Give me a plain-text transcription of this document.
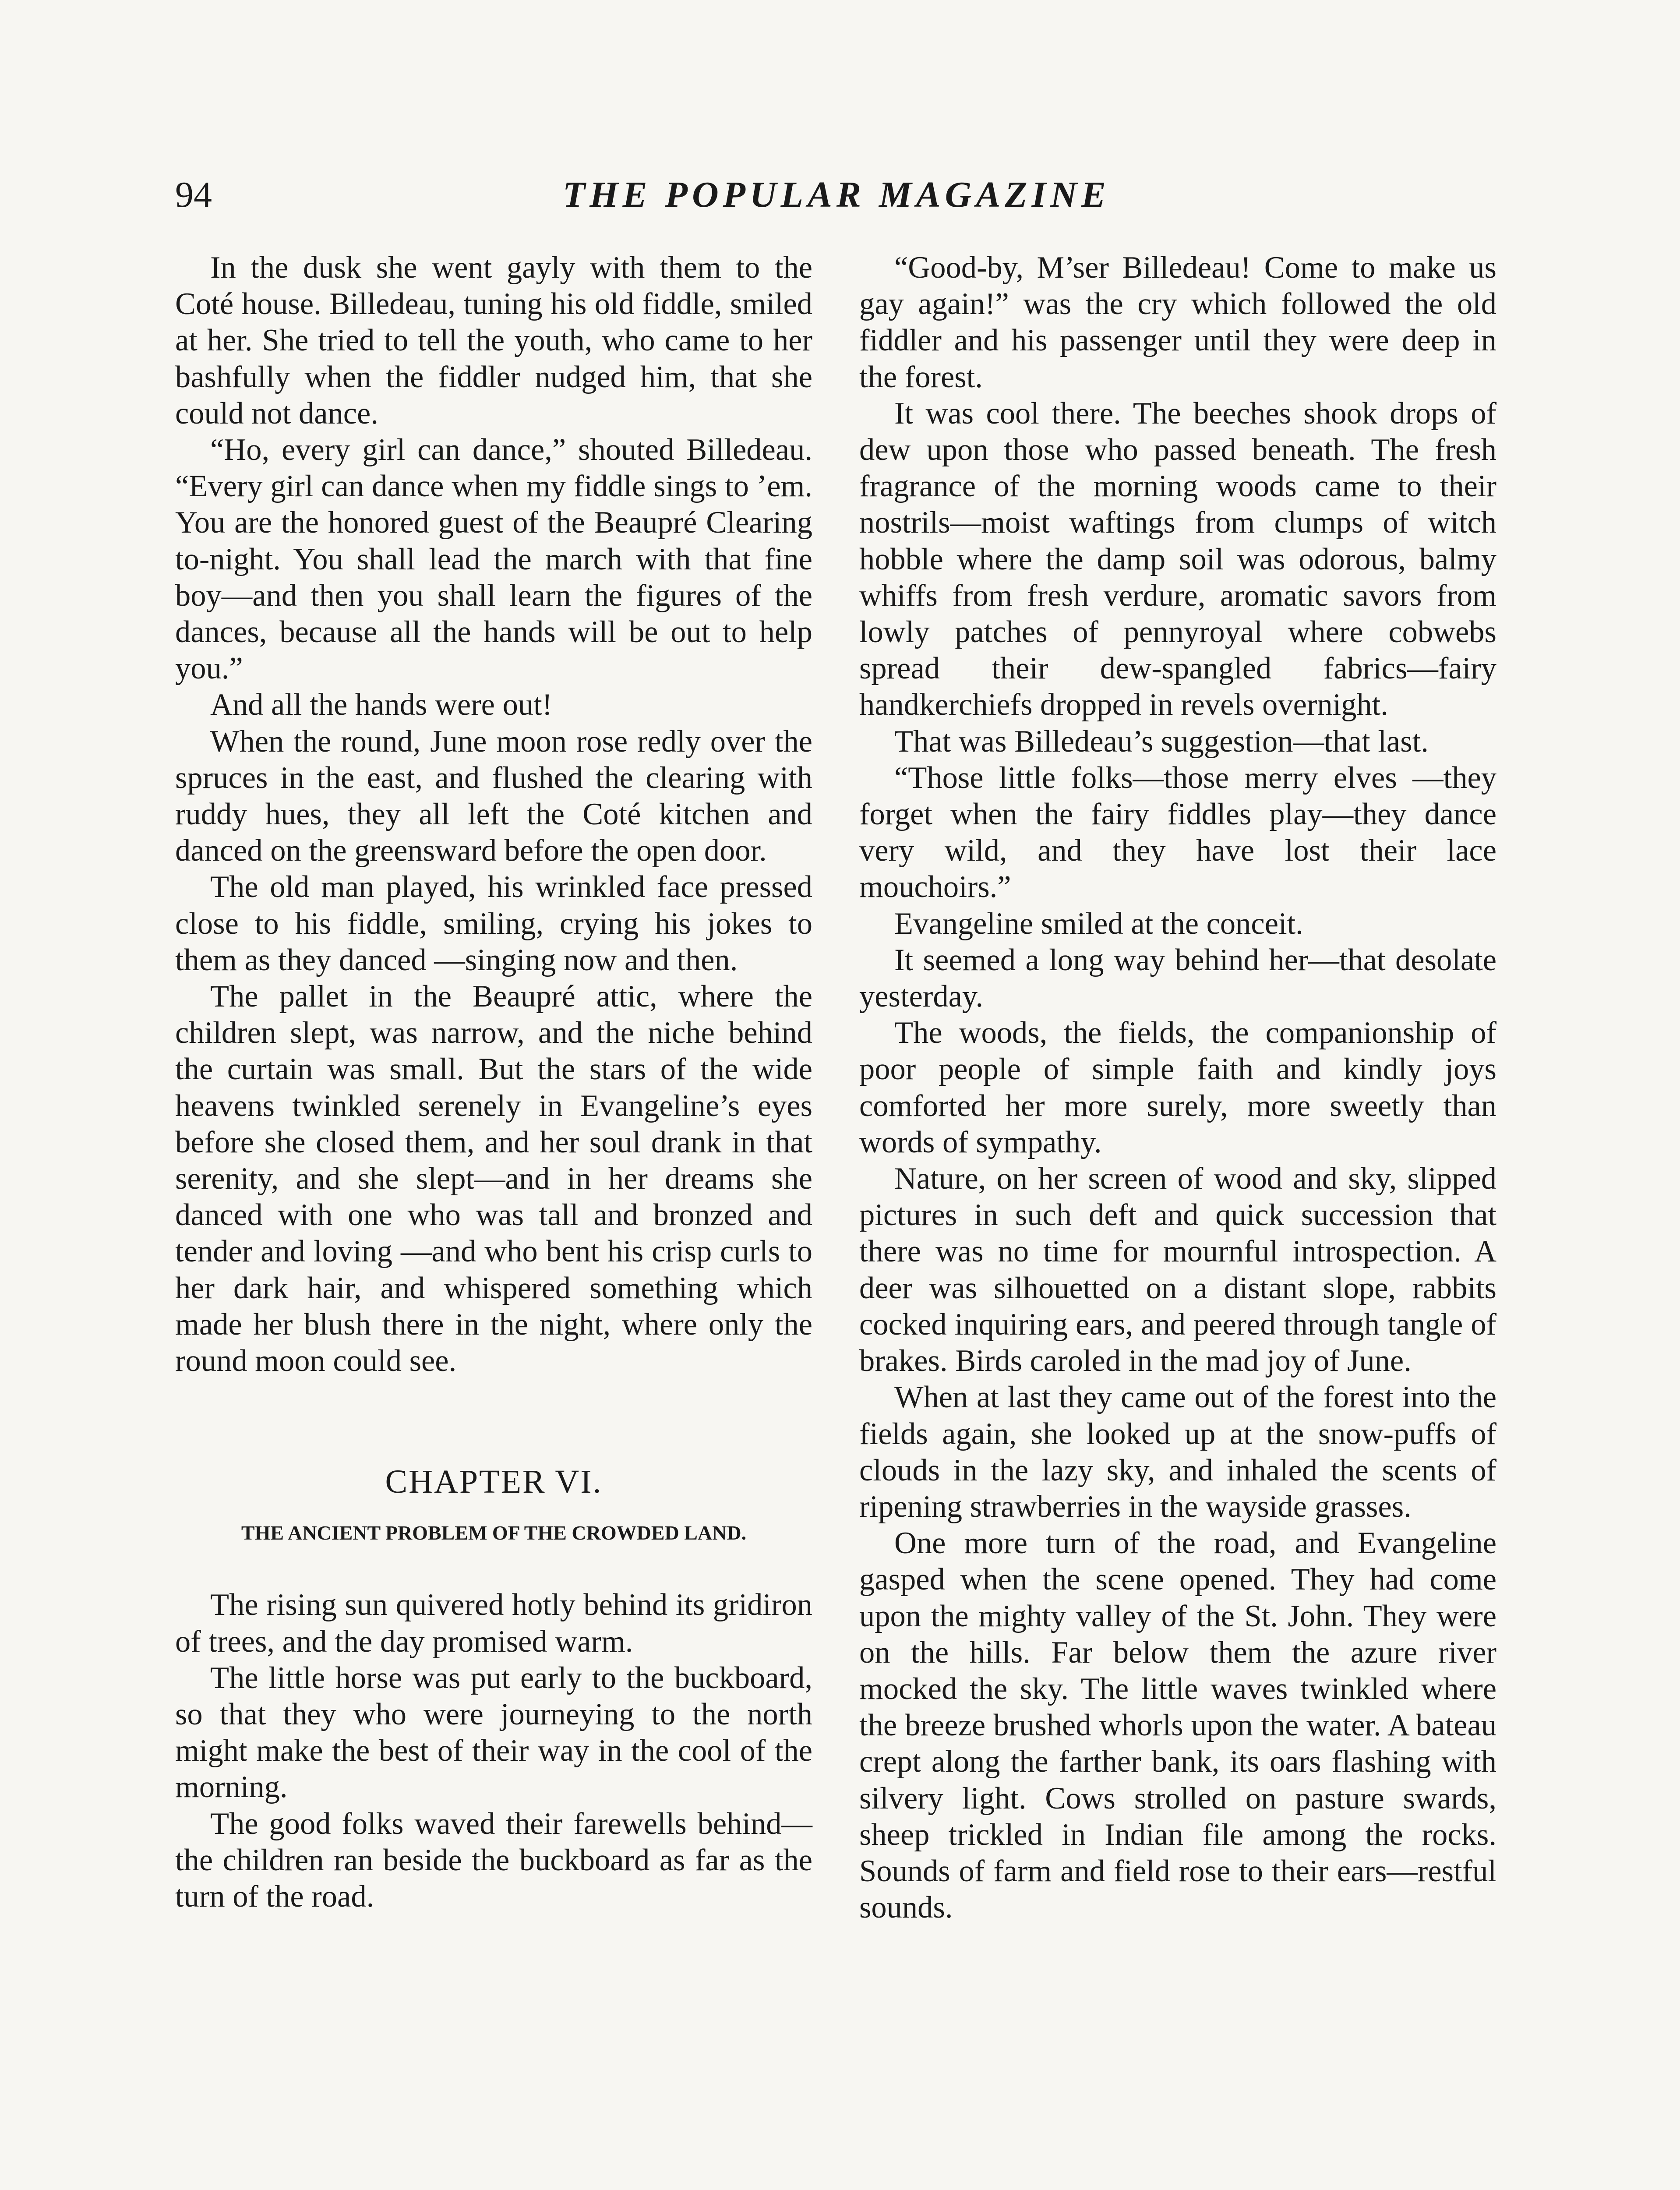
94	THE POPULAR MAGAZINE

In the dusk she went gayly with them to the Coté house. Billedeau, tuning his old fiddle, smiled at her. She tried to tell the youth, who came to her bashfully when the fiddler nudged him, that she could not dance.

“Ho, every girl can dance,” shouted Billedeau. “Every girl can dance when my fiddle sings to ’em. You are the honored guest of the Beaupré Clearing to-night. You shall lead the march with that fine boy—and then you shall learn the figures of the dances, because all the hands will be out to help you.”

And all the hands were out!

When the round, June moon rose redly over the spruces in the east, and flushed the clearing with ruddy hues, they all left the Coté kitchen and danced on the greensward before the open door.

The old man played, his wrinkled face pressed close to his fiddle, smiling, crying his jokes to them as they danced —singing now and then.

The pallet in the Beaupré attic, where the children slept, was narrow, and the niche behind the curtain was small. But the stars of the wide heavens twinkled serenely in Evangeline’s eyes before she closed them, and her soul drank in that serenity, and she slept—and in her dreams she danced with one who was tall and bronzed and tender and loving —and who bent his crisp curls to her dark hair, and whispered something which made her blush there in the night, where only the round moon could see.

CHAPTER VI.

THE ANCIENT PROBLEM OF THE CROWDED LAND.

The rising sun quivered hotly behind its gridiron of trees, and the day promised warm.

The little horse was put early to the buckboard, so that they who were journeying to the north might make the best of their way in the cool of the morning.

The good folks waved their farewells behind—the children ran beside the buckboard as far as the turn of the road.

“Good-by, M’ser Billedeau! Come to make us gay again!” was the cry which followed the old fiddler and his passenger until they were deep in the forest.

It was cool there. The beeches shook drops of dew upon those who passed beneath. The fresh fragrance of the morning woods came to their nostrils—moist waftings from clumps of witch hobble where the damp soil was odorous, balmy whiffs from fresh verdure, aromatic savors from lowly patches of pennyroyal where cobwebs spread their dew-spangled fabrics—fairy handkerchiefs dropped in revels overnight.

That was Billedeau’s suggestion—that last.

“Those little folks—those merry elves —they forget when the fairy fiddles play—they dance very wild, and they have lost their lace mouchoirs.”

Evangeline smiled at the conceit.

It seemed a long way behind her—that desolate yesterday.

The woods, the fields, the companionship of poor people of simple faith and kindly joys comforted her more surely, more sweetly than words of sympathy.

Nature, on her screen of wood and sky, slipped pictures in such deft and quick succession that there was no time for mournful introspection. A deer was silhouetted on a distant slope, rabbits cocked inquiring ears, and peered through tangle of brakes. Birds caroled in the mad joy of June.

When at last they came out of the forest into the fields again, she looked up at the snow-puffs of clouds in the lazy sky, and inhaled the scents of ripening strawberries in the wayside grasses.

One more turn of the road, and Evangeline gasped when the scene opened. They had come upon the mighty valley of the St. John. They were on the hills. Far below them the azure river mocked the sky. The little waves twinkled where the breeze brushed whorls upon the water. A bateau crept along the farther bank, its oars flashing with silvery light. Cows strolled on pasture swards, sheep trickled in Indian file among the rocks. Sounds of farm and field rose to their ears—restful sounds.
